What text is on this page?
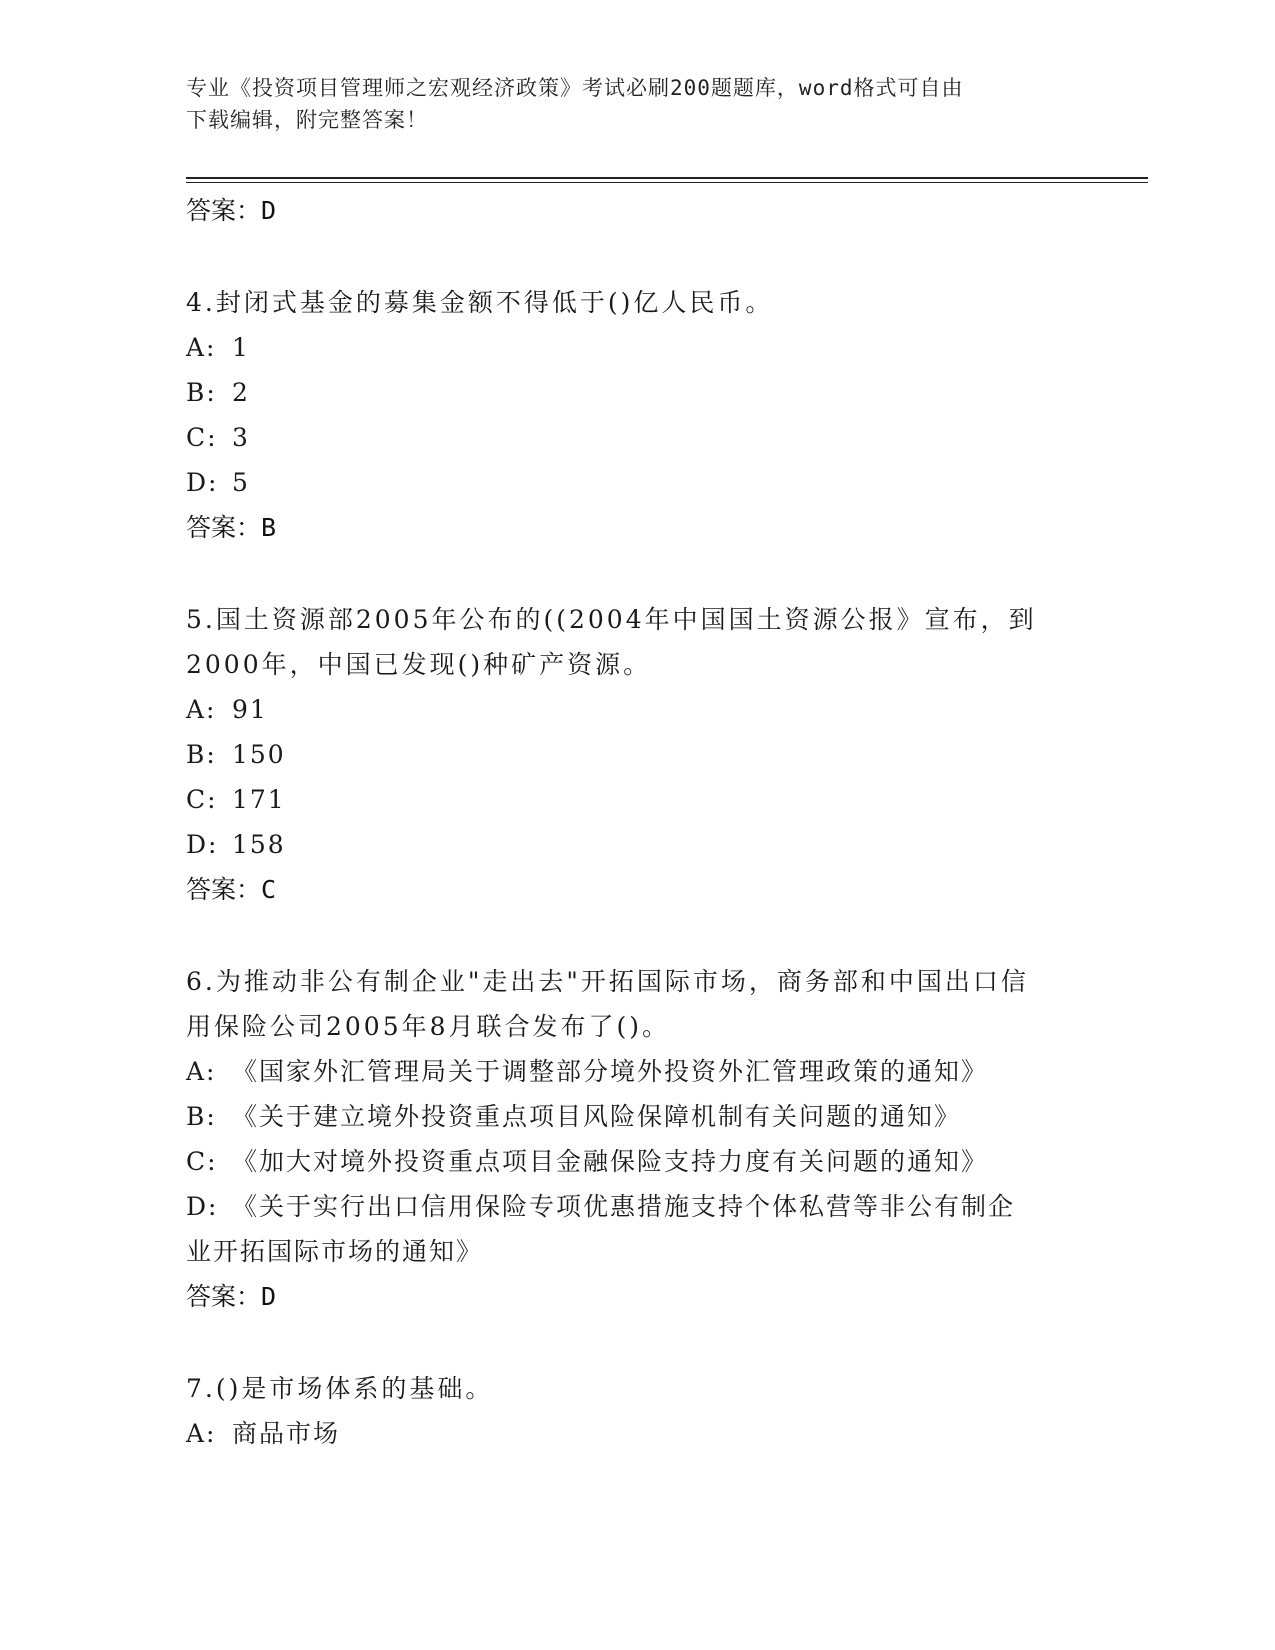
专业《投资项目管理师之宏观经济政策》考试必刷200题题库，word格式可自由
下载编辑，附完整答案！
答案：D
4.封闭式基金的募集金额不得低于()亿人民币。
A: 1
B: 2
C: 3
D: 5
答案：B
5.国土资源部2005年公布的((2004年中国国土资源公报》宣布，到
2000年，中国已发现()种矿产资源。
A: 91
B: 150
C: 171
D: 158
答案：C
6.为推动非公有制企业"走出去"开拓国际市场，商务部和中国出口信
用保险公司2005年8月联合发布了()。
A: 《国家外汇管理局关于调整部分境外投资外汇管理政策的通知》
B: 《关于建立境外投资重点项目风险保障机制有关问题的通知》
C: 《加大对境外投资重点项目金融保险支持力度有关问题的通知》
D: 《关于实行出口信用保险专项优惠措施支持个体私营等非公有制企
业开拓国际市场的通知》
答案：D
7.()是市场体系的基础。
A: 商品市场
